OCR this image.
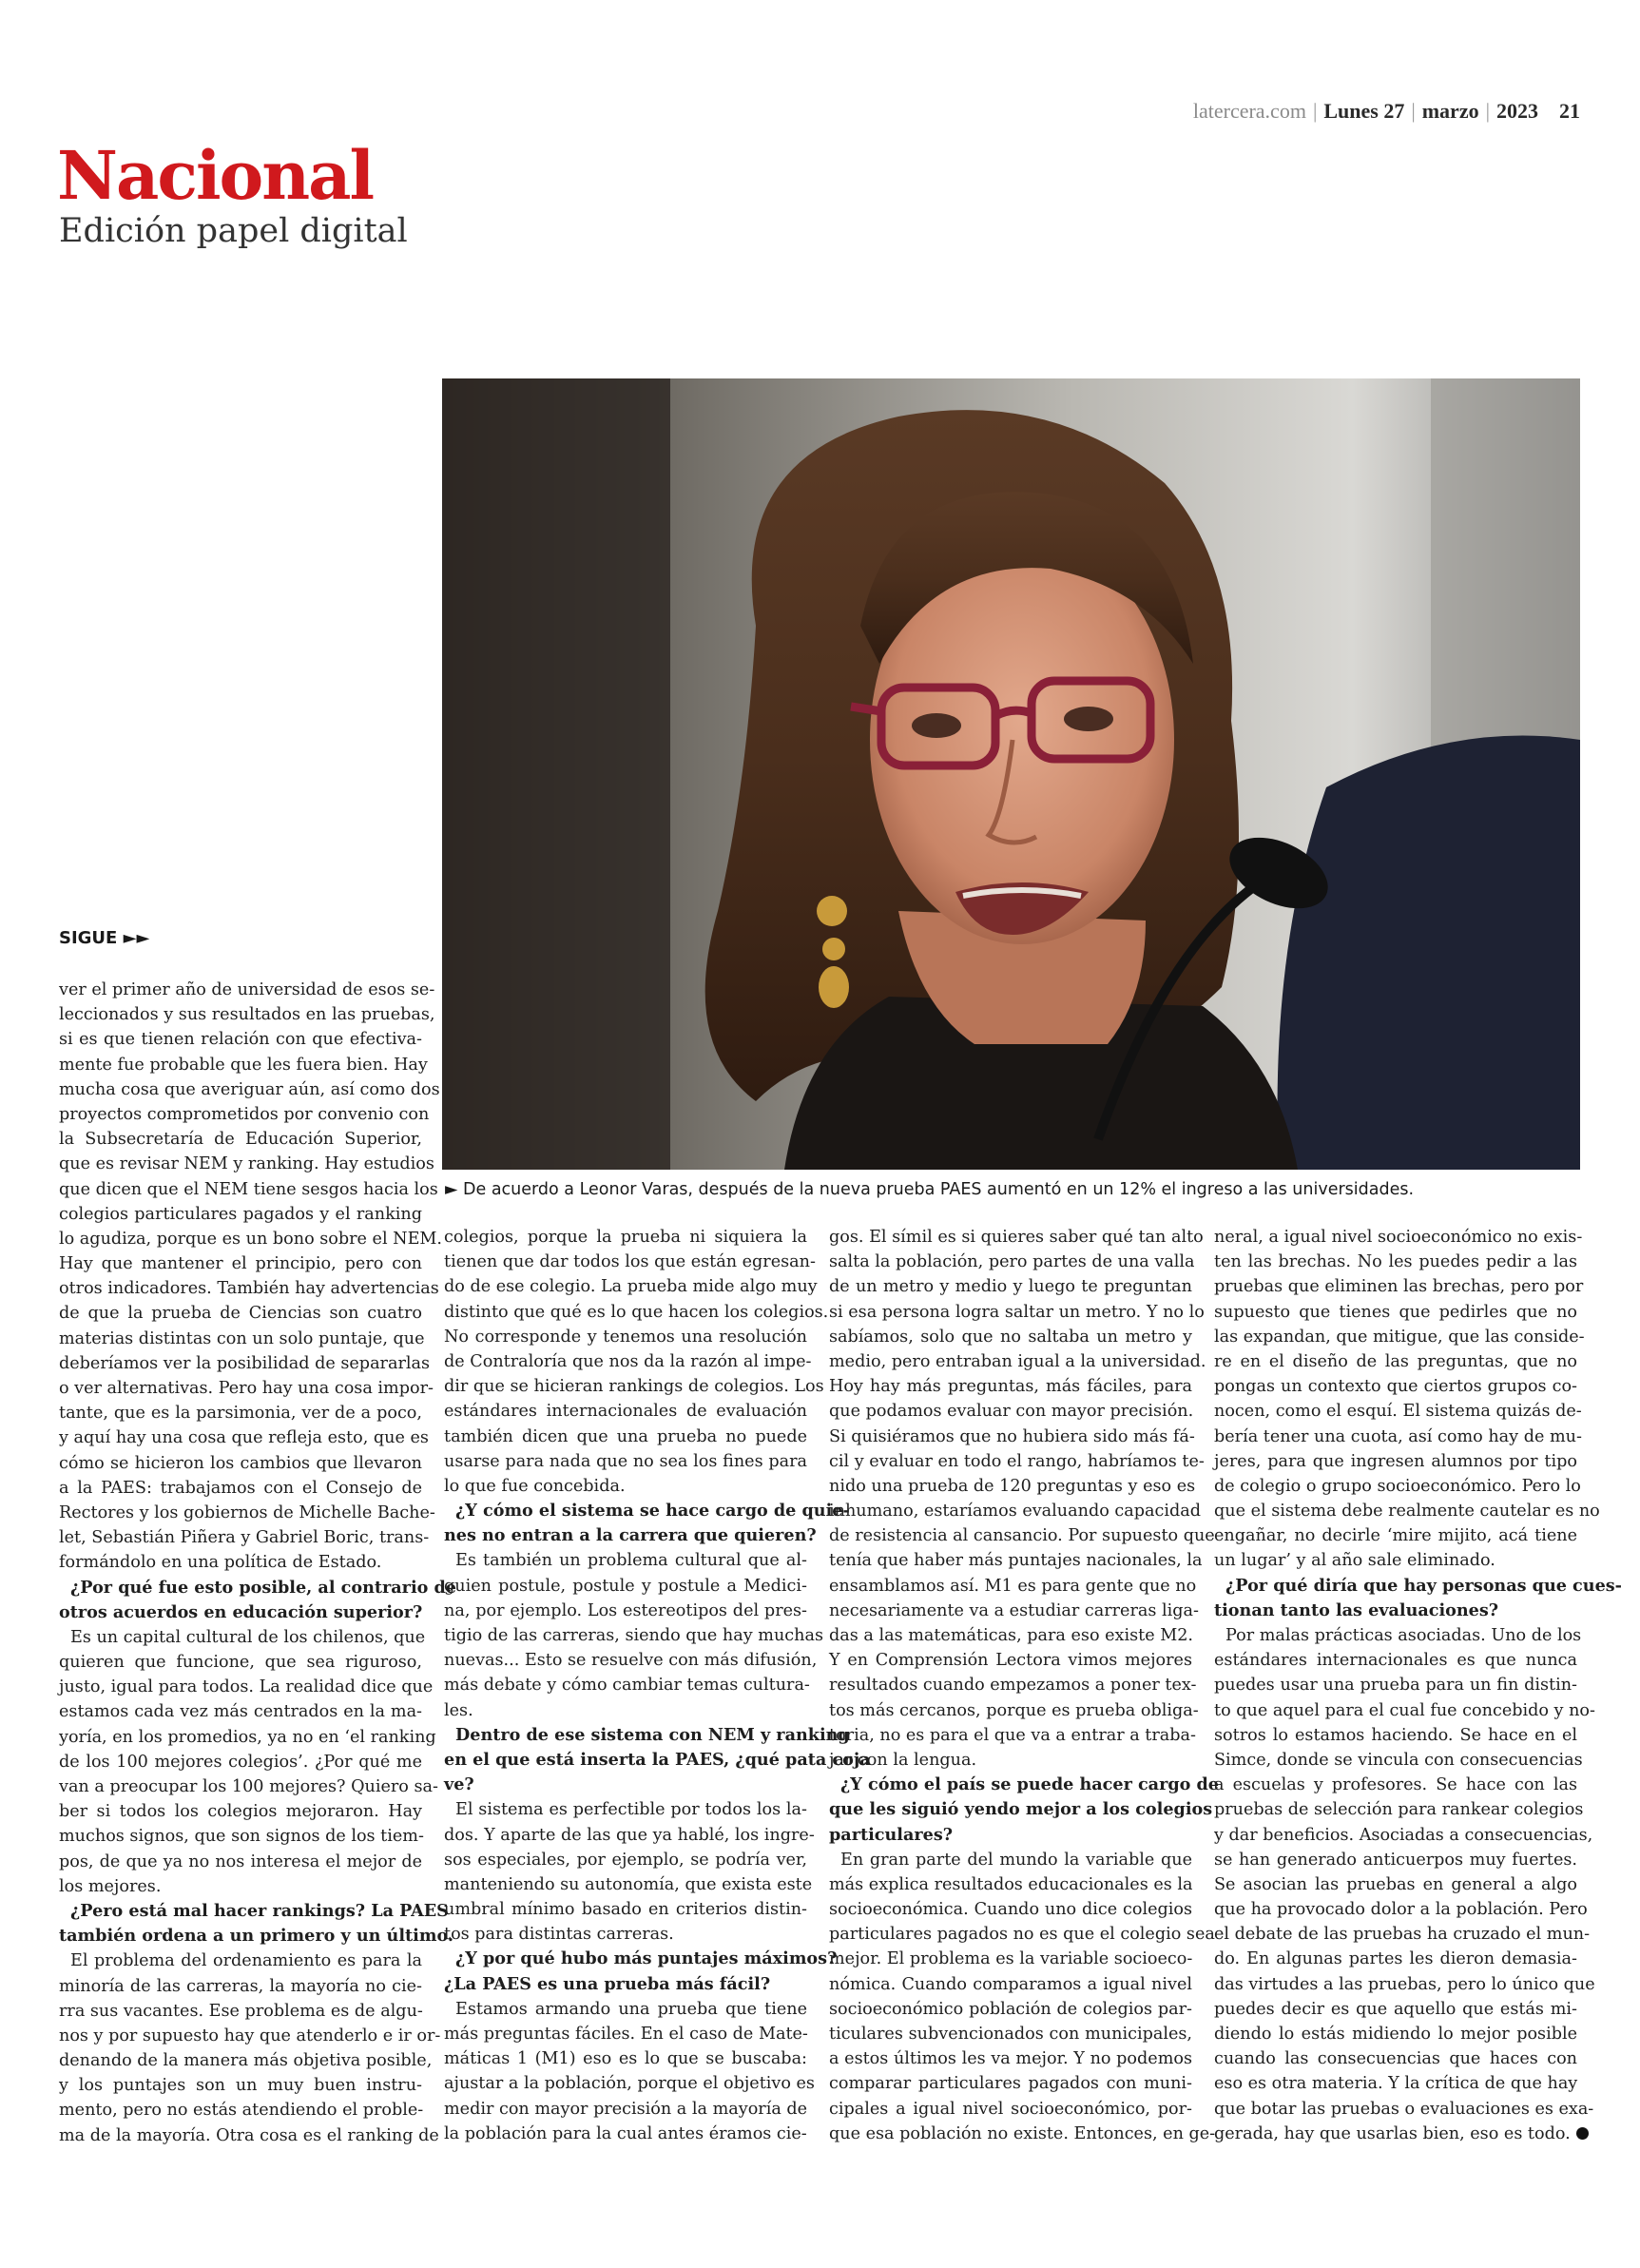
latercera.com | Lunes 27 | marzo | 2023 21
Nacional
Edición papel digital
► De acuerdo a Leonor Varas, después de la nueva prueba PAES aumentó en un 12% el ingreso a las universidades.
SIGUE ►►
ver el primer año de universidad de esos se-
leccionados y sus resultados en las pruebas,
si es que tienen relación con que efectiva-
mente fue probable que les fuera bien. Hay
mucha cosa que averiguar aún, así como dos
proyectos comprometidos por convenio con
la Subsecretaría de Educación Superior,
que es revisar NEM y ranking. Hay estudios
que dicen que el NEM tiene sesgos hacia los
colegios particulares pagados y el ranking
lo agudiza, porque es un bono sobre el NEM.
Hay que mantener el principio, pero con
otros indicadores. También hay advertencias
de que la prueba de Ciencias son cuatro
materias distintas con un solo puntaje, que
deberíamos ver la posibilidad de separarlas
o ver alternativas. Pero hay una cosa impor-
tante, que es la parsimonia, ver de a poco,
y aquí hay una cosa que refleja esto, que es
cómo se hicieron los cambios que llevaron
a la PAES: trabajamos con el Consejo de
Rectores y los gobiernos de Michelle Bache-
let, Sebastián Piñera y Gabriel Boric, trans-
formándolo en una política de Estado.
¿Por qué fue esto posible, al contrario de
otros acuerdos en educación superior?
Es un capital cultural de los chilenos, que
quieren que funcione, que sea riguroso,
justo, igual para todos. La realidad dice que
estamos cada vez más centrados en la ma-
yoría, en los promedios, ya no en ‘el ranking
de los 100 mejores colegios’. ¿Por qué me
van a preocupar los 100 mejores? Quiero sa-
ber si todos los colegios mejoraron. Hay
muchos signos, que son signos de los tiem-
pos, de que ya no nos interesa el mejor de
los mejores.
¿Pero está mal hacer rankings? La PAES
también ordena a un primero y un último.
El problema del ordenamiento es para la
minoría de las carreras, la mayoría no cie-
rra sus vacantes. Ese problema es de algu-
nos y por supuesto hay que atenderlo e ir or-
denando de la manera más objetiva posible,
y los puntajes son un muy buen instru-
mento, pero no estás atendiendo el proble-
ma de la mayoría. Otra cosa es el ranking de
colegios, porque la prueba ni siquiera la
tienen que dar todos los que están egresan-
do de ese colegio. La prueba mide algo muy
distinto que qué es lo que hacen los colegios.
No corresponde y tenemos una resolución
de Contraloría que nos da la razón al impe-
dir que se hicieran rankings de colegios. Los
estándares internacionales de evaluación
también dicen que una prueba no puede
usarse para nada que no sea los fines para
lo que fue concebida.
¿Y cómo el sistema se hace cargo de quie-
nes no entran a la carrera que quieren?
Es también un problema cultural que al-
guien postule, postule y postule a Medici-
na, por ejemplo. Los estereotipos del pres-
tigio de las carreras, siendo que hay muchas
nuevas... Esto se resuelve con más difusión,
más debate y cómo cambiar temas cultura-
les.
Dentro de ese sistema con NEM y ranking
en el que está inserta la PAES, ¿qué pata coja
ve?
El sistema es perfectible por todos los la-
dos. Y aparte de las que ya hablé, los ingre-
sos especiales, por ejemplo, se podría ver,
manteniendo su autonomía, que exista este
umbral mínimo basado en criterios distin-
tos para distintas carreras.
¿Y por qué hubo más puntajes máximos?
¿La PAES es una prueba más fácil?
Estamos armando una prueba que tiene
más preguntas fáciles. En el caso de Mate-
máticas 1 (M1) eso es lo que se buscaba:
ajustar a la población, porque el objetivo es
medir con mayor precisión a la mayoría de
la población para la cual antes éramos cie-
gos. El símil es si quieres saber qué tan alto
salta la población, pero partes de una valla
de un metro y medio y luego te preguntan
si esa persona logra saltar un metro. Y no lo
sabíamos, solo que no saltaba un metro y
medio, pero entraban igual a la universidad.
Hoy hay más preguntas, más fáciles, para
que podamos evaluar con mayor precisión.
Si quisiéramos que no hubiera sido más fá-
cil y evaluar en todo el rango, habríamos te-
nido una prueba de 120 preguntas y eso es
inhumano, estaríamos evaluando capacidad
de resistencia al cansancio. Por supuesto que
tenía que haber más puntajes nacionales, la
ensamblamos así. M1 es para gente que no
necesariamente va a estudiar carreras liga-
das a las matemáticas, para eso existe M2.
Y en Comprensión Lectora vimos mejores
resultados cuando empezamos a poner tex-
tos más cercanos, porque es prueba obliga-
toria, no es para el que va a entrar a traba-
jar con la lengua.
¿Y cómo el país se puede hacer cargo de
que les siguió yendo mejor a los colegios
particulares?
En gran parte del mundo la variable que
más explica resultados educacionales es la
socioeconómica. Cuando uno dice colegios
particulares pagados no es que el colegio sea
mejor. El problema es la variable socioeco-
nómica. Cuando comparamos a igual nivel
socioeconómico población de colegios par-
ticulares subvencionados con municipales,
a estos últimos les va mejor. Y no podemos
comparar particulares pagados con muni-
cipales a igual nivel socioeconómico, por-
que esa población no existe. Entonces, en ge-
neral, a igual nivel socioeconómico no exis-
ten las brechas. No les puedes pedir a las
pruebas que eliminen las brechas, pero por
supuesto que tienes que pedirles que no
las expandan, que mitigue, que las conside-
re en el diseño de las preguntas, que no
pongas un contexto que ciertos grupos co-
nocen, como el esquí. El sistema quizás de-
bería tener una cuota, así como hay de mu-
jeres, para que ingresen alumnos por tipo
de colegio o grupo socioeconómico. Pero lo
que el sistema debe realmente cautelar es no
engañar, no decirle ‘mire mijito, acá tiene
un lugar’ y al año sale eliminado.
¿Por qué diría que hay personas que cues-
tionan tanto las evaluaciones?
Por malas prácticas asociadas. Uno de los
estándares internacionales es que nunca
puedes usar una prueba para un fin distin-
to que aquel para el cual fue concebido y no-
sotros lo estamos haciendo. Se hace en el
Simce, donde se vincula con consecuencias
a escuelas y profesores. Se hace con las
pruebas de selección para rankear colegios
y dar beneficios. Asociadas a consecuencias,
se han generado anticuerpos muy fuertes.
Se asocian las pruebas en general a algo
que ha provocado dolor a la población. Pero
el debate de las pruebas ha cruzado el mun-
do. En algunas partes les dieron demasia-
das virtudes a las pruebas, pero lo único que
puedes decir es que aquello que estás mi-
diendo lo estás midiendo lo mejor posible
cuando las consecuencias que haces con
eso es otra materia. Y la crítica de que hay
que botar las pruebas o evaluaciones es exa-
gerada, hay que usarlas bien, eso es todo.
